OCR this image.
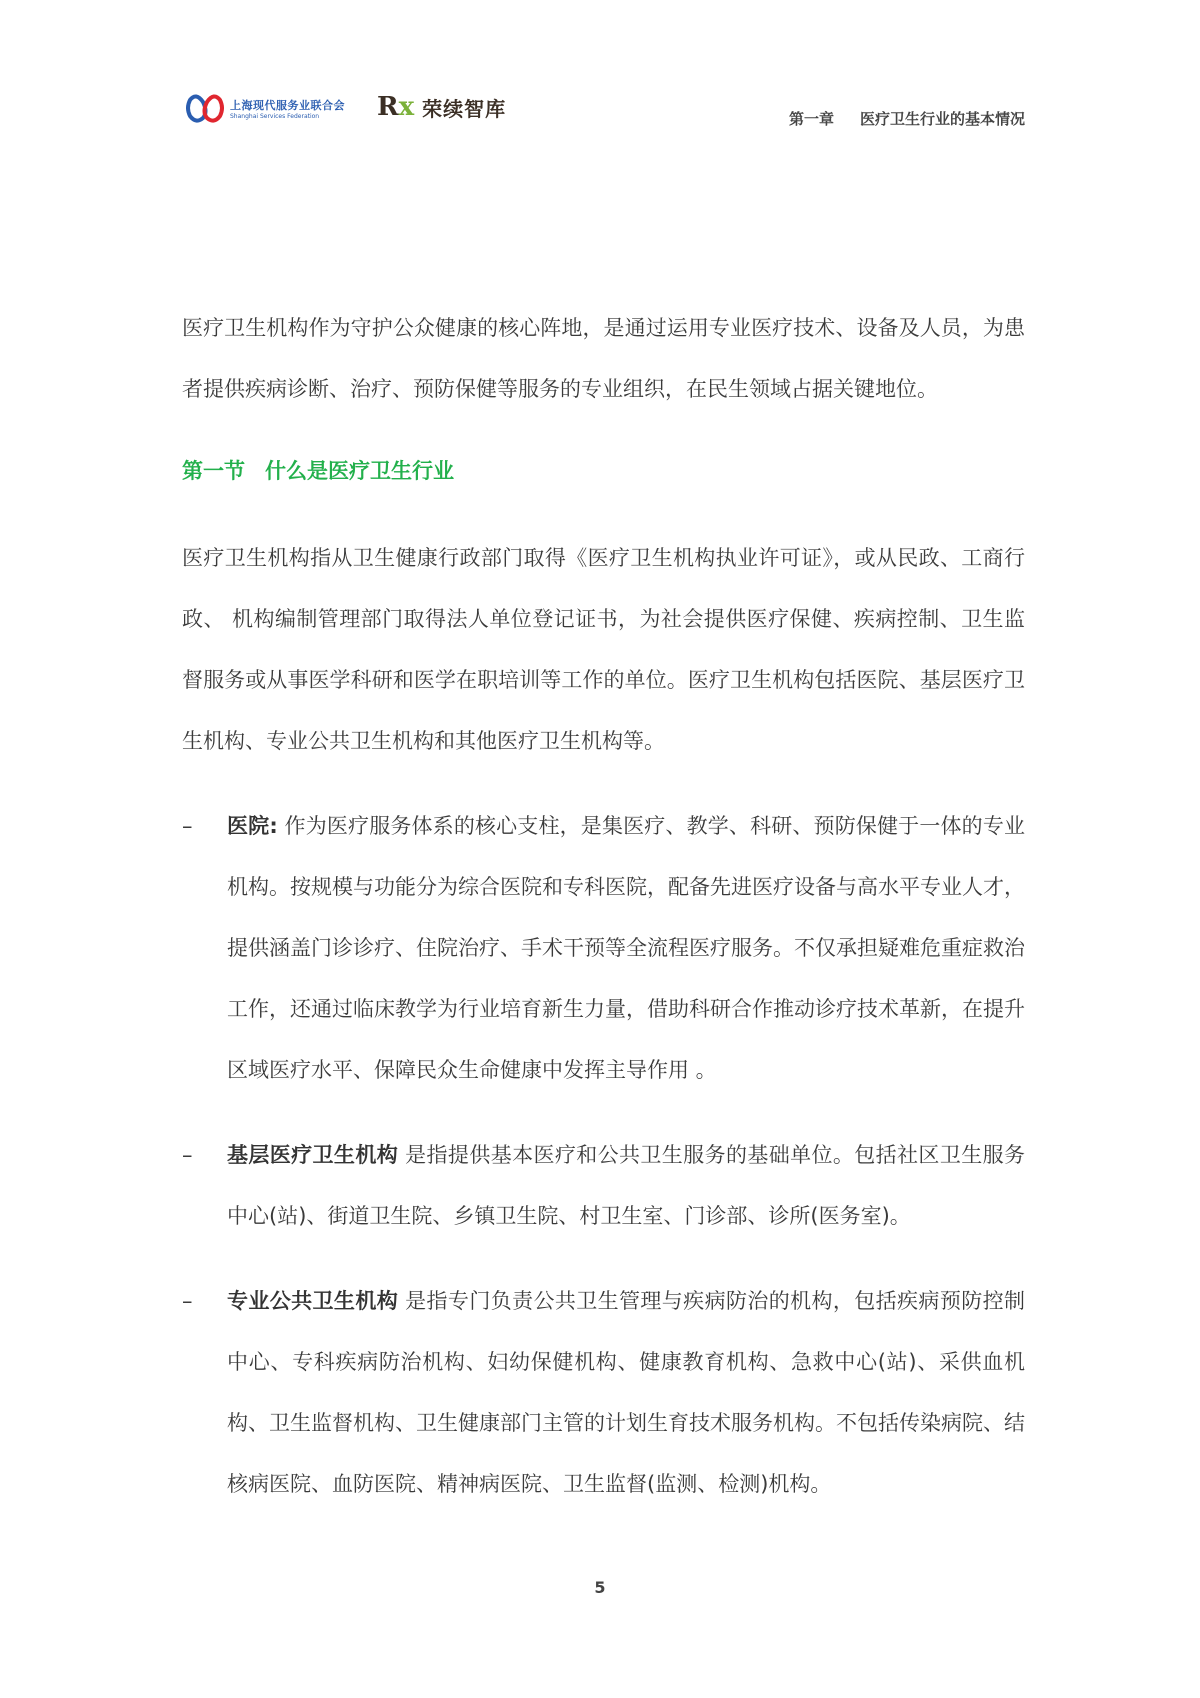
上海现代服务业联合会
Shanghai Services Federation	Rx 荣续智库	第一章 医疗卫生行业的基本情况
医疗卫生机构作为守护公众健康的核心阵地，是通过运用专业医疗技术、设备及人员，为患者提供疾病诊断、治疗、预防保健等服务的专业组织，在民生领域占据关键地位。
第一节 什么是医疗卫生行业
医疗卫生机构指从卫生健康行政部门取得《医疗卫生机构执业许可证》，或从民政、工商行政、 机构编制管理部门取得法人单位登记证书，为社会提供医疗保健、疾病控制、卫生监督服务或从事医学科研和医学在职培训等工作的单位。医疗卫生机构包括医院、基层医疗卫生机构、专业公共卫生机构和其他医疗卫生机构等。
– 医院: 作为医疗服务体系的核心支柱，是集医疗、教学、科研、预防保健于一体的专业机构。按规模与功能分为综合医院和专科医院，配备先进医疗设备与高水平专业人才，提供涵盖门诊诊疗、住院治疗、手术干预等全流程医疗服务。不仅承担疑难危重症救治工作，还通过临床教学为行业培育新生力量，借助科研合作推动诊疗技术革新，在提升区域医疗水平、保障民众生命健康中发挥主导作用 。
– 基层医疗卫生机构 是指提供基本医疗和公共卫生服务的基础单位。包括社区卫生服务中心(站)、街道卫生院、乡镇卫生院、村卫生室、门诊部、诊所(医务室)。
– 专业公共卫生机构 是指专门负责公共卫生管理与疾病防治的机构，包括疾病预防控制中心、专科疾病防治机构、妇幼保健机构、健康教育机构、急救中心(站)、采供血机构、卫生监督机构、卫生健康部门主管的计划生育技术服务机构。不包括传染病院、结核病医院、血防医院、精神病医院、卫生监督(监测、检测)机构。
5
